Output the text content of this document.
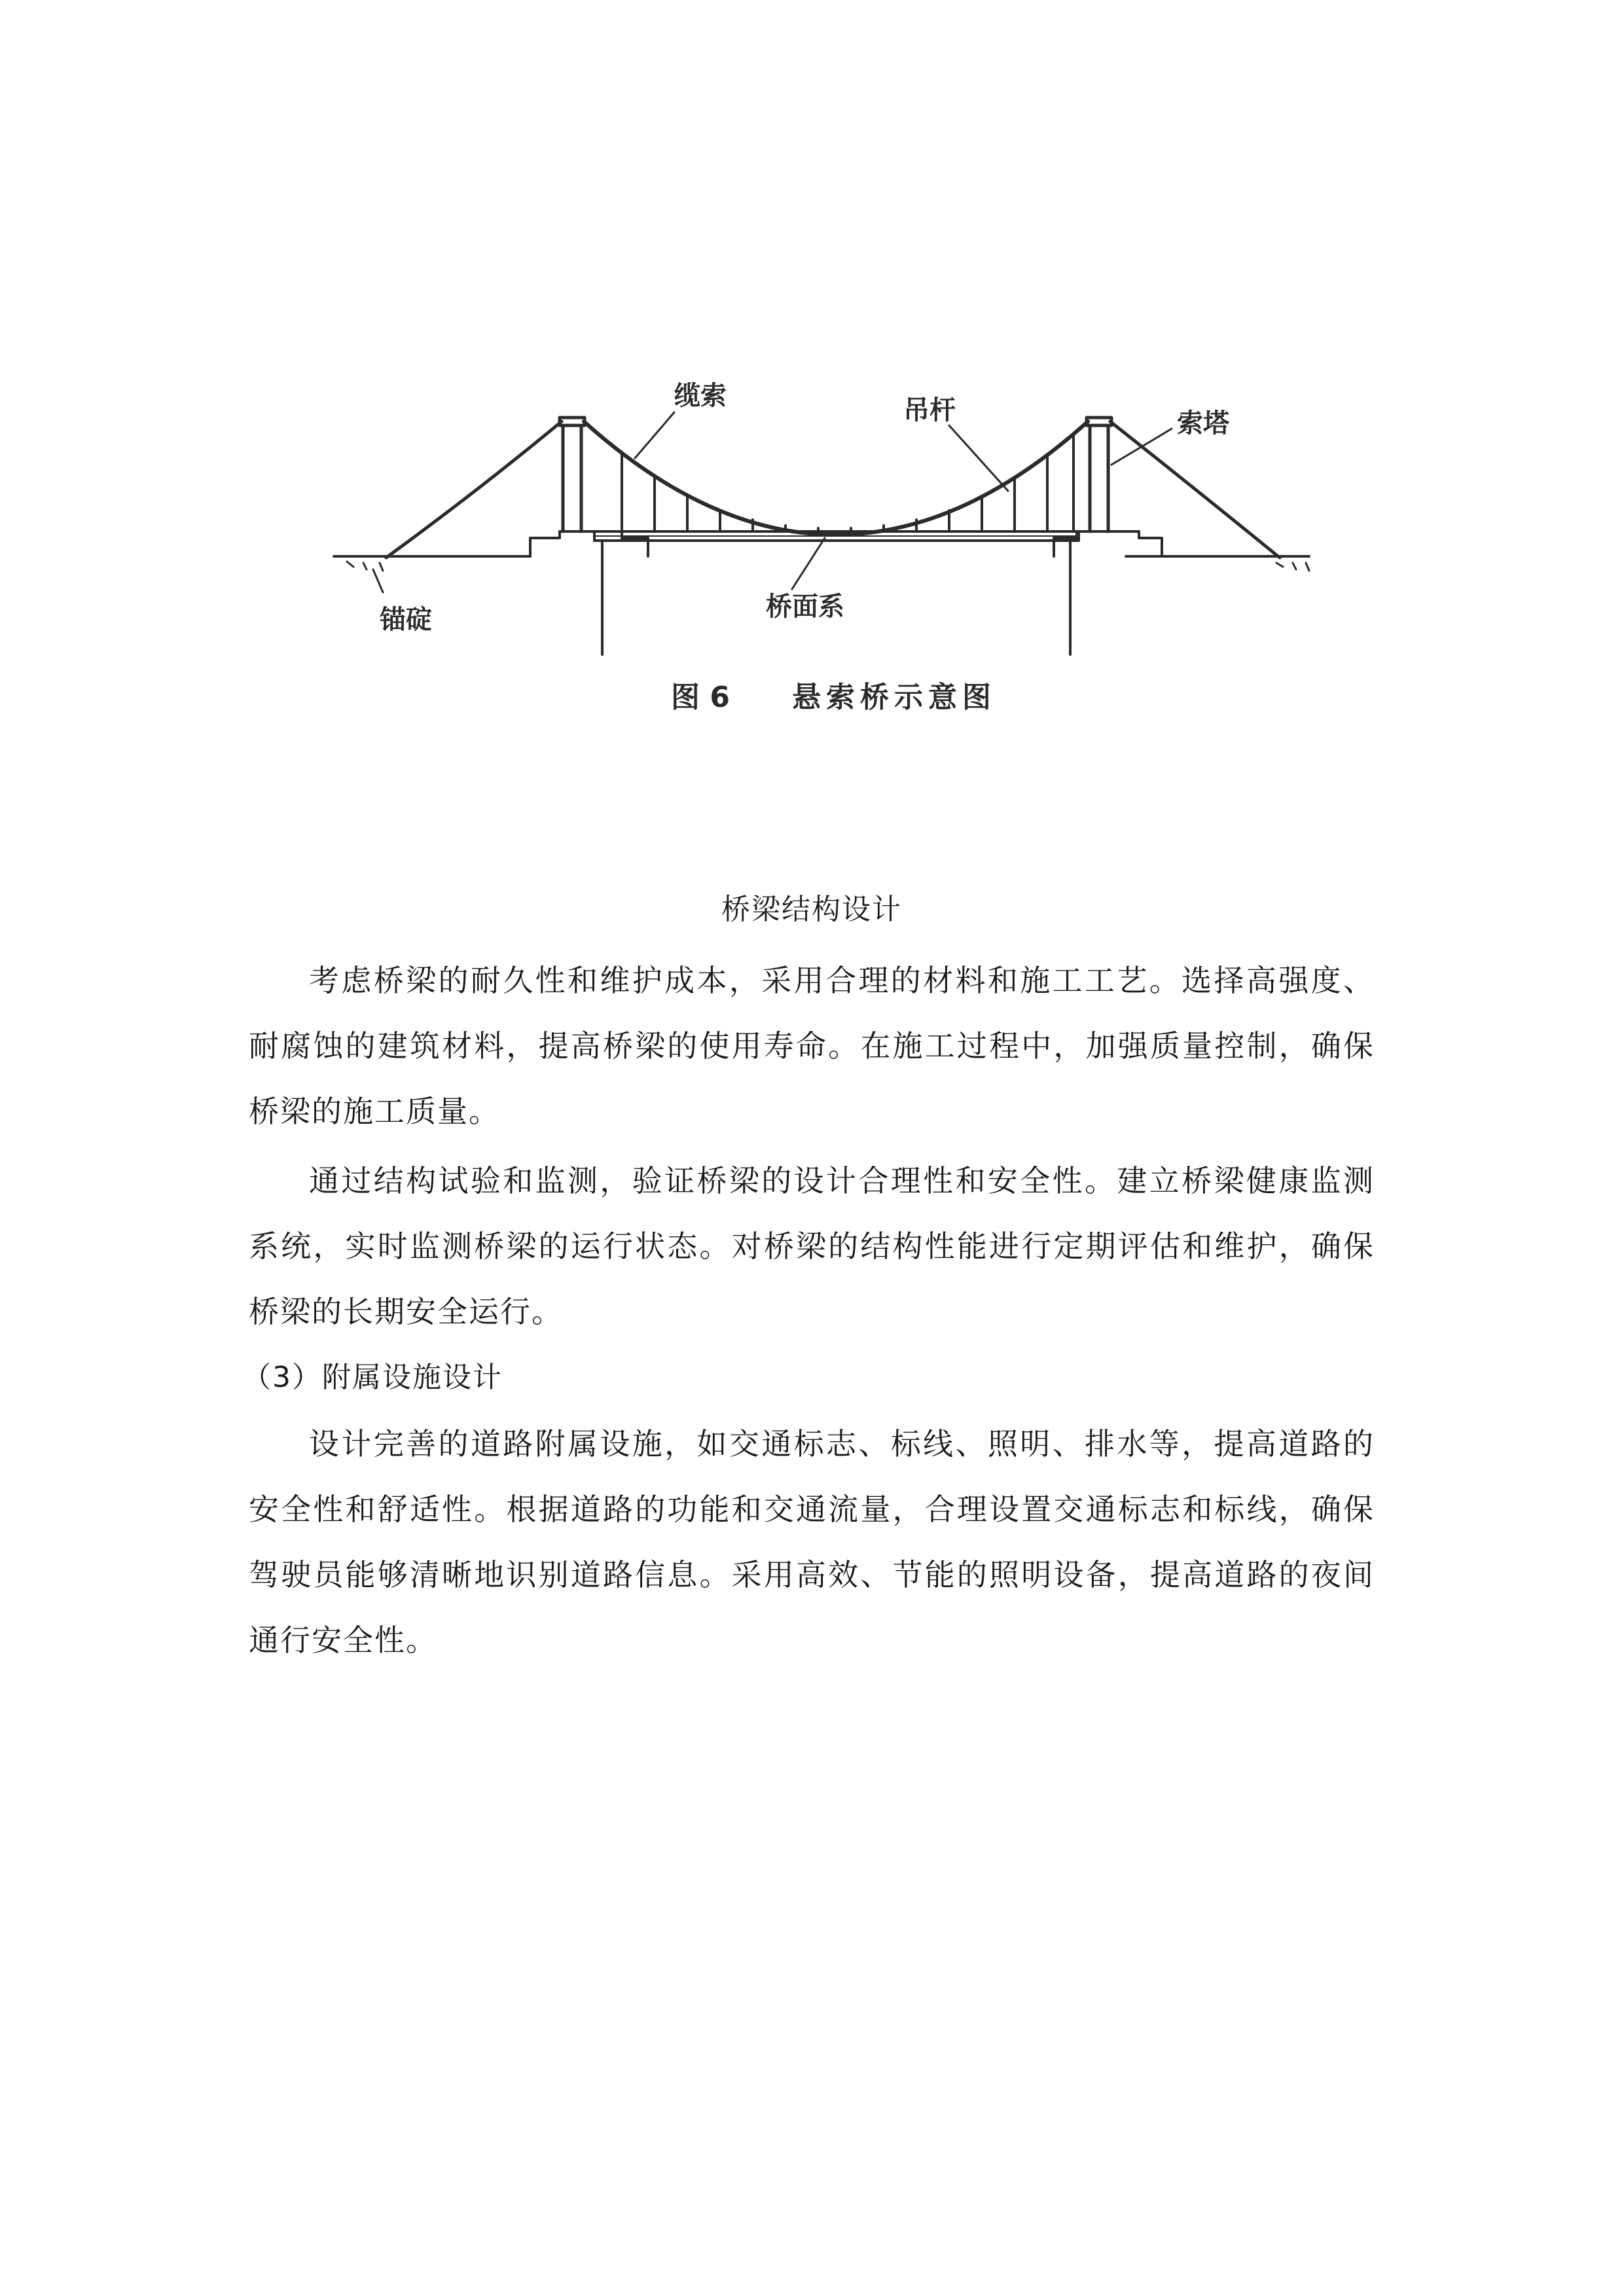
缆索	吊杆	索塔
锚碇	桥面系
图 6 悬索桥示意图
桥梁结构设计

考虑桥梁的耐久性和维护成本，采用合理的材料和施工工艺。选择高强度、耐腐蚀的建筑材料，提高桥梁的使用寿命。在施工过程中，加强质量控制，确保桥梁的施工质量。

通过结构试验和监测，验证桥梁的设计合理性和安全性。建立桥梁健康监测系统，实时监测桥梁的运行状态。对桥梁的结构性能进行定期评估和维护，确保桥梁的长期安全运行。

（3）附属设施设计

设计完善的道路附属设施，如交通标志、标线、照明、排水等，提高道路的安全性和舒适性。根据道路的功能和交通流量，合理设置交通标志和标线，确保驾驶员能够清晰地识别道路信息。采用高效、节能的照明设备，提高道路的夜间通行安全性。
